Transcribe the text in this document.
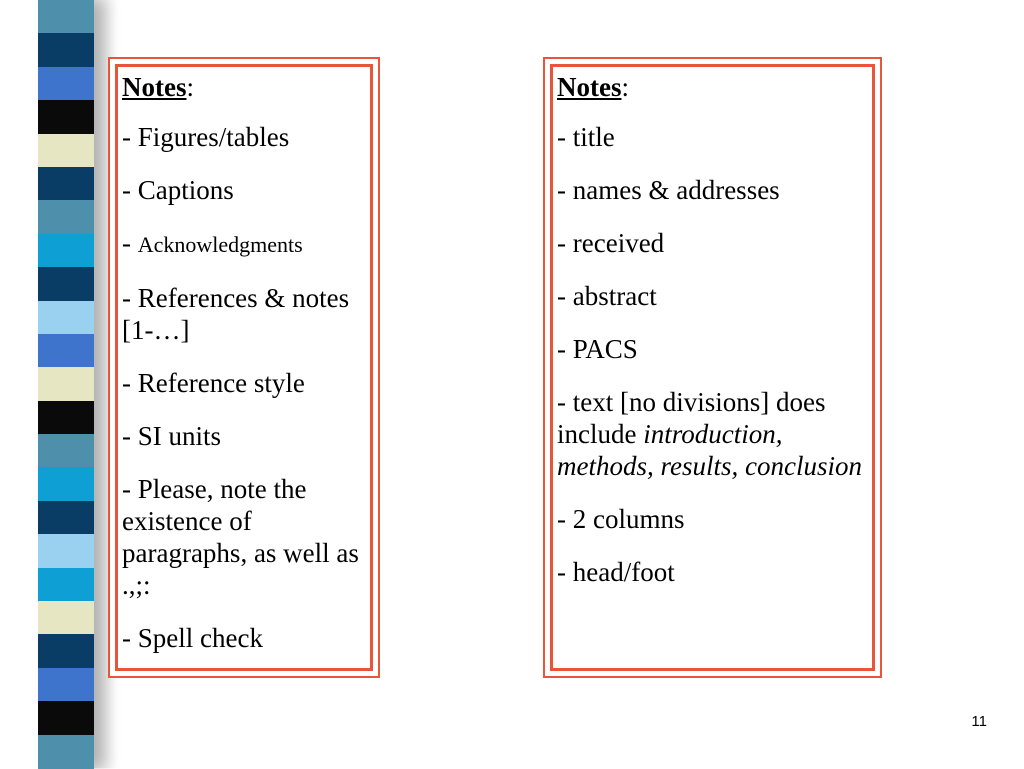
Notes:
- Figures/tables
- Captions
- Acknowledgments
- References & notes [1-…]
- Reference style
- SI units
- Please, note the existence of paragraphs, as well as .,;:
- Spell check
Notes:
- title
- names & addresses
- received
- abstract
- PACS
- text [no divisions] does include introduction, methods, results, conclusion
- 2 columns
- head/foot
11
